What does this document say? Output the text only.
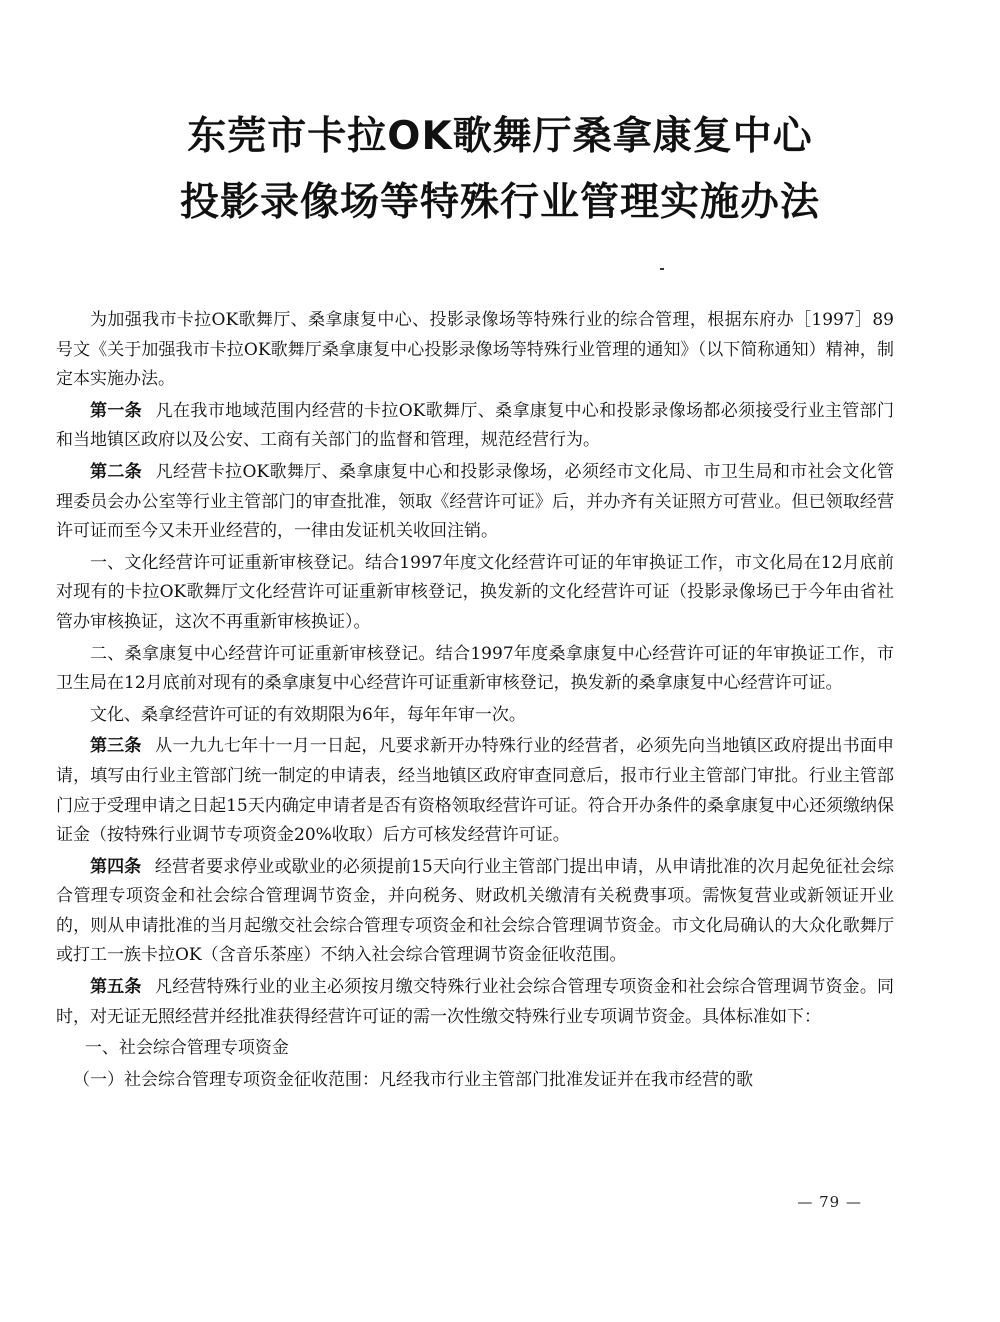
东莞市卡拉OK歌舞厅桑拿康复中心
投影录像场等特殊行业管理实施办法

为加强我市卡拉OK歌舞厅、桑拿康复中心、投影录像场等特殊行业的综合管理，根据东府办［1997］89号文《关于加强我市卡拉OK歌舞厅桑拿康复中心投影录像场等特殊行业管理的通知》（以下简称通知）精神，制定本实施办法。

第一条 凡在我市地域范围内经营的卡拉OK歌舞厅、桑拿康复中心和投影录像场都必须接受行业主管部门和当地镇区政府以及公安、工商有关部门的监督和管理，规范经营行为。

第二条 凡经营卡拉OK歌舞厅、桑拿康复中心和投影录像场，必须经市文化局、市卫生局和市社会文化管理委员会办公室等行业主管部门的审查批准，领取《经营许可证》后，并办齐有关证照方可营业。但已领取经营许可证而至今又未开业经营的，一律由发证机关收回注销。

一、文化经营许可证重新审核登记。结合1997年度文化经营许可证的年审换证工作，市文化局在12月底前对现有的卡拉OK歌舞厅文化经营许可证重新审核登记，换发新的文化经营许可证（投影录像场已于今年由省社管办审核换证，这次不再重新审核换证）。

二、桑拿康复中心经营许可证重新审核登记。结合1997年度桑拿康复中心经营许可证的年审换证工作，市卫生局在12月底前对现有的桑拿康复中心经营许可证重新审核登记，换发新的桑拿康复中心经营许可证。

文化、桑拿经营许可证的有效期限为6年，每年年审一次。

第三条 从一九九七年十一月一日起，凡要求新开办特殊行业的经营者，必须先向当地镇区政府提出书面申请，填写由行业主管部门统一制定的申请表，经当地镇区政府审查同意后，报市行业主管部门审批。行业主管部门应于受理申请之日起15天内确定申请者是否有资格领取经营许可证。符合开办条件的桑拿康复中心还须缴纳保证金（按特殊行业调节专项资金20%收取）后方可核发经营许可证。

第四条 经营者要求停业或歇业的必须提前15天向行业主管部门提出申请，从申请批准的次月起免征社会综合管理专项资金和社会综合管理调节资金，并向税务、财政机关缴清有关税费事项。需恢复营业或新领证开业的，则从申请批准的当月起缴交社会综合管理专项资金和社会综合管理调节资金。市文化局确认的大众化歌舞厅或打工一族卡拉OK（含音乐茶座）不纳入社会综合管理调节资金征收范围。

第五条 凡经营特殊行业的业主必须按月缴交特殊行业社会综合管理专项资金和社会综合管理调节资金。同时，对无证无照经营并经批准获得经营许可证的需一次性缴交特殊行业专项调节资金。具体标准如下：

一、社会综合管理专项资金

（一）社会综合管理专项资金征收范围：凡经我市行业主管部门批准发证并在我市经营的歌

— 79 —
